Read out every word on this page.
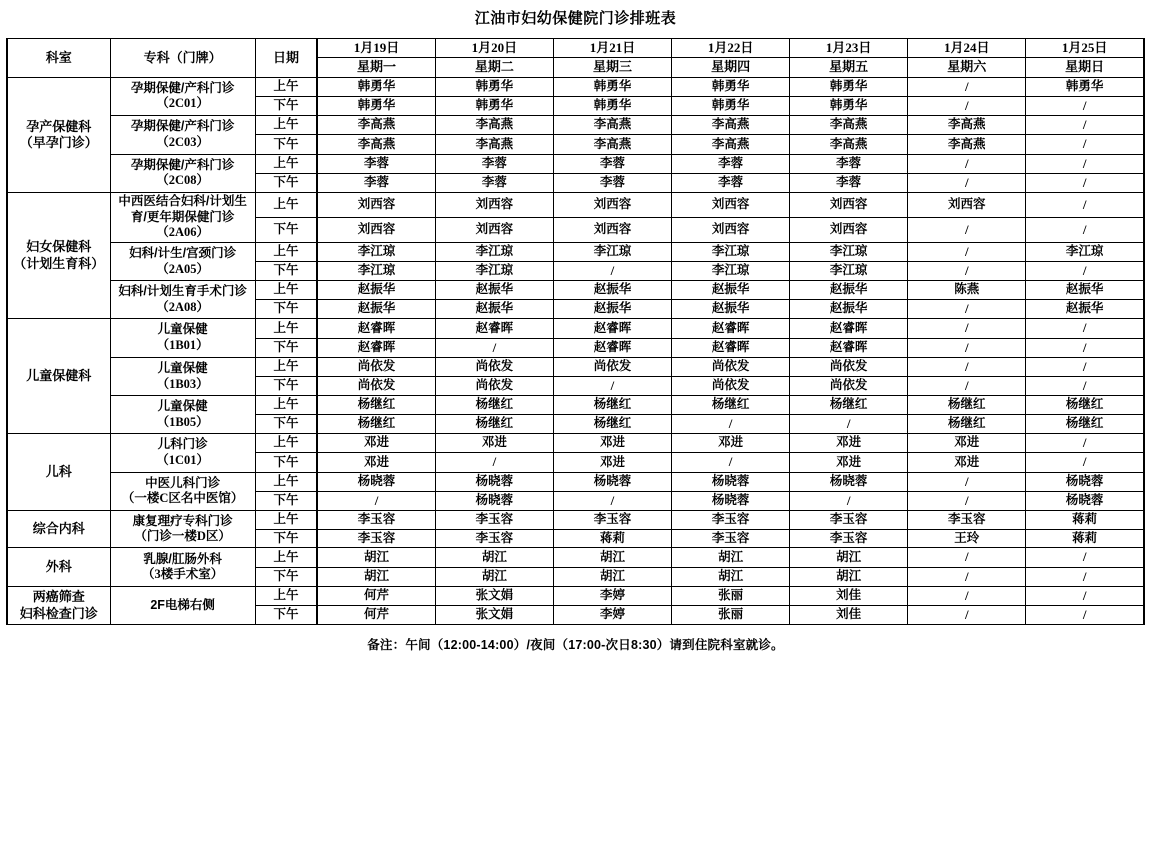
江油市妇幼保健院门诊排班表
科室	专科（门牌）	日期	1月19日	1月20日	1月21日	1月22日	1月23日	1月24日	1月25日
			星期一	星期二	星期三	星期四	星期五	星期六	星期日

孕产保健科
（早孕门诊）

孕期保健/产科门诊
（2C01）
	上午	韩勇华	韩勇华	韩勇华	韩勇华	韩勇华	/	韩勇华
		下午	韩勇华	韩勇华	韩勇华	韩勇华	韩勇华	/	/

	孕期保健/产科门诊
（2C03）	上午	李高燕	李高燕	李高燕	李高燕	李高燕	李高燕	/
		下午	李高燕	李高燕	李高燕	李高燕	李高燕	李高燕	/

	孕期保健/产科门诊
（2C08）	上午	李蓉	李蓉	李蓉	李蓉	李蓉	/	/
		下午	李蓉	李蓉	李蓉	李蓉	李蓉	/	/

妇女保健科
（计划生育科）

中西医结合妇科/计划生
育/更年期保健门诊
（2A06）
	上午	刘西容	刘西容	刘西容	刘西容	刘西容	刘西容	/
		下午	刘西容	刘西容	刘西容	刘西容	刘西容	/	/

	妇科/计生/宫颈门诊
（2A05）	上午	李江琼	李江琼	李江琼	李江琼	李江琼	/	李江琼
		下午	李江琼	李江琼	/	李江琼	李江琼	/	/

	妇科/计划生育手术门诊
（2A08）	上午	赵振华	赵振华	赵振华	赵振华	赵振华	陈燕	赵振华
		下午	赵振华	赵振华	赵振华	赵振华	赵振华	/	赵振华

儿童保健科	儿童保健
（1B01）	上午	赵睿晖	赵睿晖	赵睿晖	赵睿晖	赵睿晖	/	/
		下午	赵睿晖	/	赵睿晖	赵睿晖	赵睿晖	/	/

	儿童保健
（1B03）	上午	尚依发	尚依发	尚依发	尚依发	尚依发	/	/
		下午	尚依发	尚依发	/	尚依发	尚依发	/	/

	儿童保健
（1B05）	上午	杨继红	杨继红	杨继红	杨继红	杨继红	杨继红	杨继红
		下午	杨继红	杨继红	杨继红	/	/	杨继红	杨继红

儿科	儿科门诊
（1C01）	上午	邓进	邓进	邓进	邓进	邓进	邓进	/
		下午	邓进	/	邓进	/	邓进	邓进	/

	中医儿科门诊
（一楼C区名中医馆）	上午	杨晓蓉	杨晓蓉	杨晓蓉	杨晓蓉	杨晓蓉	/	杨晓蓉
		下午	/	杨晓蓉	/	杨晓蓉	/	/	杨晓蓉

综合内科	康复理疗专科门诊
（门诊一楼D区）	上午	李玉容	李玉容	李玉容	李玉容	李玉容	李玉容	蒋莉
		下午	李玉容	李玉容	蒋莉	李玉容	李玉容	王玲	蒋莉

外科	乳腺/肛肠外科
（3楼手术室）	上午	胡江	胡江	胡江	胡江	胡江	/	/
		下午	胡江	胡江	胡江	胡江	胡江	/	/

两癌筛查
妇科检查门诊	2F电梯右侧	上午	何芹	张文娟	李婷	张丽	刘佳	/	/
		下午	何芹	张文娟	李婷	张丽	刘佳	/	/
备注：午间（12:00-14:00）/夜间（17:00-次日8:30）请到住院科室就诊。
